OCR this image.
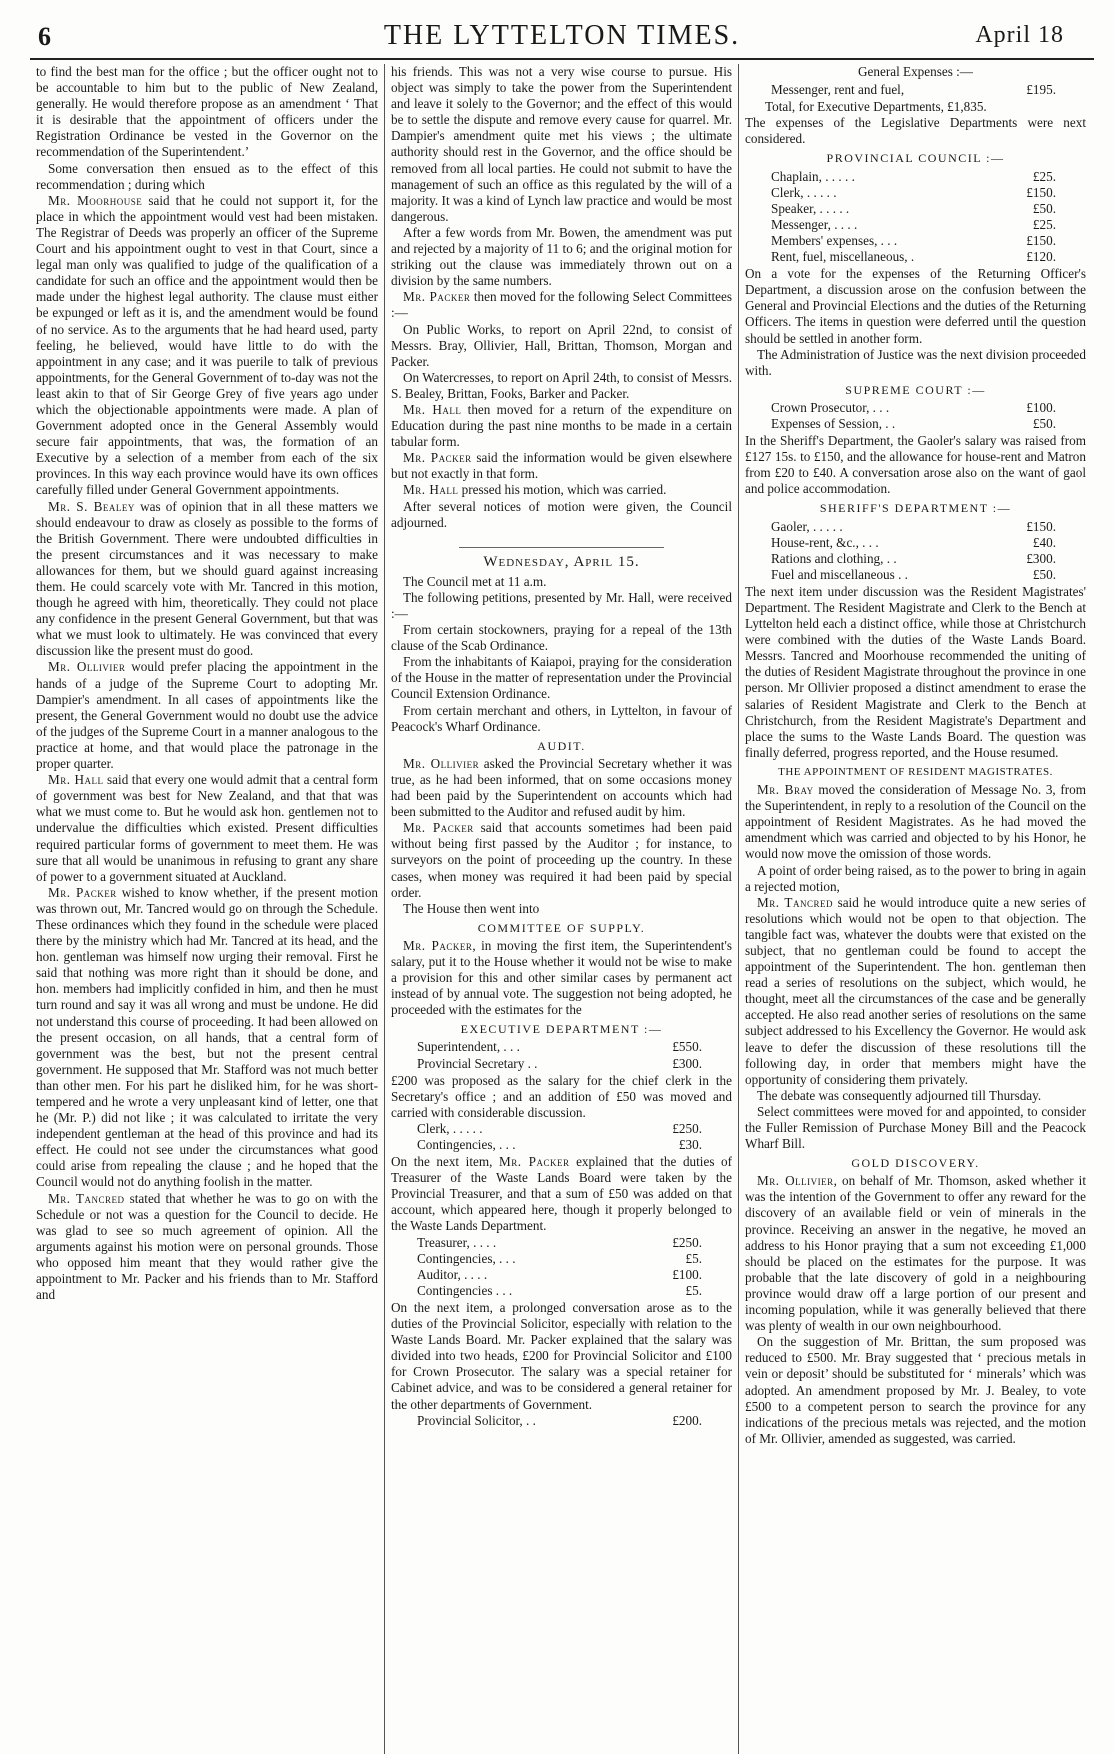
6	THE LYTTELTON TIMES.	April 18

to find the best man for the office ; but the officer ought not to be accountable to him but to the public of New Zealand, generally. He would therefore propose as an amendment ‘ That it is desirable that the appointment of officers under the Registration Ordinance be vested in the Governor on the recommendation of the Superintendent.’

Some conversation then ensued as to the effect of this recommendation ; during which

Mr. Moorhouse said that he could not support it, for the place in which the appointment would vest had been mistaken. The Registrar of Deeds was properly an officer of the Supreme Court and his appointment ought to vest in that Court, since a legal man only was qualified to judge of the qualification of a candidate for such an office and the appointment would then be made under the highest legal authority. The clause must either be expunged or left as it is, and the amendment would be found of no service. As to the arguments that he had heard used, party feeling, he believed, would have little to do with the appointment in any case; and it was puerile to talk of previous appointments, for the General Government of to-day was not the least akin to that of Sir George Grey of five years ago under which the objectionable appointments were made. A plan of Government adopted once in the General Assembly would secure fair appointments, that was, the formation of an Executive by a selection of a member from each of the six provinces. In this way each province would have its own offices carefully filled under General Government appointments.

Mr. S. Bealey was of opinion that in all these matters we should endeavour to draw as closely as possible to the forms of the British Government. There were undoubted difficulties in the present circumstances and it was necessary to make allowances for them, but we should guard against increasing them. He could scarcely vote with Mr. Tancred in this motion, though he agreed with him, theoretically. They could not place any confidence in the present General Government, but that was what we must look to ultimately. He was convinced that every discussion like the present must do good.

Mr. Ollivier would prefer placing the appointment in the hands of a judge of the Supreme Court to adopting Mr. Dampier's amendment. In all cases of appointments like the present, the General Government would no doubt use the advice of the judges of the Supreme Court in a manner analogous to the practice at home, and that would place the patronage in the proper quarter.

Mr. Hall said that every one would admit that a central form of government was best for New Zealand, and that that was what we must come to. But he would ask hon. gentlemen not to undervalue the difficulties which existed. Present difficulties required particular forms of government to meet them. He was sure that all would be unanimous in refusing to grant any share of power to a government situated at Auckland.

Mr. Packer wished to know whether, if the present motion was thrown out, Mr. Tancred would go on through the Schedule. These ordinances which they found in the schedule were placed there by the ministry which had Mr. Tancred at its head, and the hon. gentleman was himself now urging their removal. First he said that nothing was more right than it should be done, and hon. members had implicitly confided in him, and then he must turn round and say it was all wrong and must be undone. He did not understand this course of proceeding. It had been allowed on the present occasion, on all hands, that a central form of government was the best, but not the present central government. He supposed that Mr. Stafford was not much better than other men. For his part he disliked him, for he was short-tempered and he wrote a very unpleasant kind of letter, one that he (Mr. P.) did not like ; it was calculated to irritate the very independent gentleman at the head of this province and had its effect. He could not see under the circumstances what good could arise from repealing the clause ; and he hoped that the Council would not do anything foolish in the matter.

Mr. Tancred stated that whether he was to go on with the Schedule or not was a question for the Council to decide. He was glad to see so much agreement of opinion. All the arguments against his motion were on personal grounds. Those who opposed him meant that they would rather give the appointment to Mr. Packer and his friends than to Mr. Stafford and

his friends. This was not a very wise course to pursue. His object was simply to take the power from the Superintendent and leave it solely to the Governor; and the effect of this would be to settle the dispute and remove every cause for quarrel. Mr. Dampier's amendment quite met his views ; the ultimate authority should rest in the Governor, and the office should be removed from all local parties. He could not submit to have the management of such an office as this regulated by the will of a majority. It was a kind of Lynch law practice and would be most dangerous.

After a few words from Mr. Bowen, the amendment was put and rejected by a majority of 11 to 6; and the original motion for striking out the clause was immediately thrown out on a division by the same numbers.

Mr. Packer then moved for the following Select Committees :—

On Public Works, to report on April 22nd, to consist of Messrs. Bray, Ollivier, Hall, Brittan, Thomson, Morgan and Packer.

On Watercresses, to report on April 24th, to consist of Messrs. S. Bealey, Brittan, Fooks, Barker and Packer.

Mr. Hall then moved for a return of the expenditure on Education during the past nine months to be made in a certain tabular form.

Mr. Packer said the information would be given elsewhere but not exactly in that form.

Mr. Hall pressed his motion, which was carried.

After several notices of motion were given, the Council adjourned.

Wednesday, April 15.

The Council met at 11 a.m.

The following petitions, presented by Mr. Hall, were received :—

From certain stockowners, praying for a repeal of the 13th clause of the Scab Ordinance.

From the inhabitants of Kaiapoi, praying for the consideration of the House in the matter of representation under the Provincial Council Extension Ordinance.

From certain merchant and others, in Lyttelton, in favour of Peacock's Wharf Ordinance.

AUDIT.

Mr. Ollivier asked the Provincial Secretary whether it was true, as he had been informed, that on some occasions money had been paid by the Superintendent on accounts which had been submitted to the Auditor and refused audit by him.

Mr. Packer said that accounts sometimes had been paid without being first passed by the Auditor ; for instance, to surveyors on the point of proceeding up the country. In these cases, when money was required it had been paid by special order.

The House then went into

COMMITTEE OF SUPPLY.

Mr. Packer, in moving the first item, the Superintendent's salary, put it to the House whether it would not be wise to make a provision for this and other similar cases by permanent act instead of by annual vote. The suggestion not being adopted, he proceeded with the estimates for the

EXECUTIVE DEPARTMENT :—
Superintendent, . . .	£550.
Provincial Secretary . .	£300.

£200 was proposed as the salary for the chief clerk in the Secretary's office ; and an addition of £50 was moved and carried with considerable discussion.

Clerk, . . . . .	£250.
Contingencies, . . .	£30.

On the next item, Mr. Packer explained that the duties of Treasurer of the Waste Lands Board were taken by the Provincial Treasurer, and that a sum of £50 was added on that account, which appeared here, though it properly belonged to the Waste Lands Department.

Treasurer, . . . .	£250.
Contingencies, . . .	£5.
Auditor, . . . .	£100.
Contingencies . . .	£5.

On the next item, a prolonged conversation arose as to the duties of the Provincial Solicitor, especially with relation to the Waste Lands Board. Mr. Packer explained that the salary was divided into two heads, £200 for Provincial Solicitor and £100 for Crown Prosecutor. The salary was a special retainer for Cabinet advice, and was to be considered a general retainer for the other departments of Government.

Provincial Solicitor, . .	£200.
General Expenses :—
Messenger, rent and fuel,	£195.

Total, for Executive Departments, £1,835.

The expenses of the Legislative Departments were next considered.

PROVINCIAL COUNCIL :—
Chaplain, . . . . .	£25.
Clerk, . . . . .	£150.
Speaker, . . . . .	£50.
Messenger, . . . .	£25.
Members' expenses, . . .	£150.
Rent, fuel, miscellaneous, .	£120.

On a vote for the expenses of the Returning Officer's Department, a discussion arose on the confusion between the General and Provincial Elections and the duties of the Returning Officers. The items in question were deferred until the question should be settled in another form.

The Administration of Justice was the next division proceeded with.

SUPREME COURT :—
Crown Prosecutor, . . .	£100.
Expenses of Session, . .	£50.

In the Sheriff's Department, the Gaoler's salary was raised from £127 15s. to £150, and the allowance for house-rent and Matron from £20 to £40. A conversation arose also on the want of gaol and police accommodation.

SHERIFF'S DEPARTMENT :—
Gaoler, . . . . .	£150.
House-rent, &c., . . .	£40.
Rations and clothing, . .	£300.
Fuel and miscellaneous . .	£50.

The next item under discussion was the Resident Magistrates' Department. The Resident Magistrate and Clerk to the Bench at Lyttelton held each a distinct office, while those at Christchurch were combined with the duties of the Waste Lands Board. Messrs. Tancred and Moorhouse recommended the uniting of the duties of Resident Magistrate throughout the province in one person. Mr Ollivier proposed a distinct amendment to erase the salaries of Resident Magistrate and Clerk to the Bench at Christchurch, from the Resident Magistrate's Department and place the sums to the Waste Lands Board. The question was finally deferred, progress reported, and the House resumed.

THE APPOINTMENT OF RESIDENT MAGISTRATES.

Mr. Bray moved the consideration of Message No. 3, from the Superintendent, in reply to a resolution of the Council on the appointment of Resident Magistrates. As he had moved the amendment which was carried and objected to by his Honor, he would now move the omission of those words.

A point of order being raised, as to the power to bring in again a rejected motion,

Mr. Tancred said he would introduce quite a new series of resolutions which would not be open to that objection. The tangible fact was, whatever the doubts were that existed on the subject, that no gentleman could be found to accept the appointment of the Superintendent. The hon. gentleman then read a series of resolutions on the subject, which would, he thought, meet all the circumstances of the case and be generally accepted. He also read another series of resolutions on the same subject addressed to his Excellency the Governor. He would ask leave to defer the discussion of these resolutions till the following day, in order that members might have the opportunity of considering them privately.

The debate was consequently adjourned till Thursday.

Select committees were moved for and appointed, to consider the Fuller Remission of Purchase Money Bill and the Peacock Wharf Bill.

GOLD DISCOVERY.

Mr. Ollivier, on behalf of Mr. Thomson, asked whether it was the intention of the Government to offer any reward for the discovery of an available field or vein of minerals in the province. Receiving an answer in the negative, he moved an address to his Honor praying that a sum not exceeding £1,000 should be placed on the estimates for the purpose. It was probable that the late discovery of gold in a neighbouring province would draw off a large portion of our present and incoming population, while it was generally believed that there was plenty of wealth in our own neighbourhood.

On the suggestion of Mr. Brittan, the sum proposed was reduced to £500. Mr. Bray suggested that ‘ precious metals in vein or deposit’ should be substituted for ‘ minerals’ which was adopted. An amendment proposed by Mr. J. Bealey, to vote £500 to a competent person to search the province for any indications of the precious metals was rejected, and the motion of Mr. Ollivier, amended as suggested, was carried.
